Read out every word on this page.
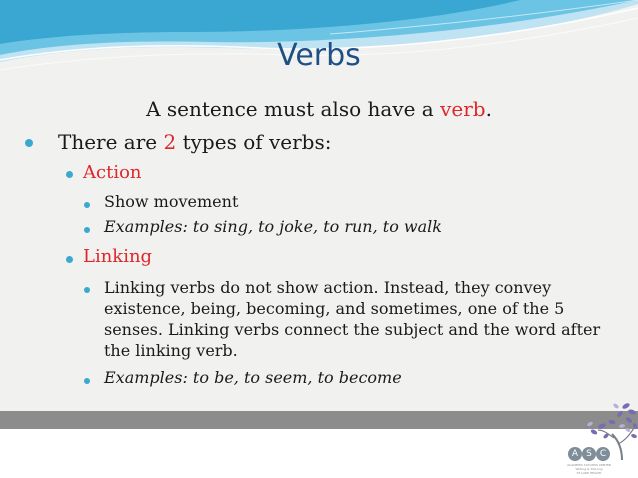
Verbs
A sentence must also have a verb.
There are 2 types of verbs:
Action
Show movement
Examples: to sing, to joke, to run, to walk
Linking
Linking verbs do not show action. Instead, they convey
existence, being, becoming, and sometimes, one of the 5
senses. Linking verbs connect the subject and the word after
the linking verb.
Examples: to be, to seem, to become
A S C
ACADEMIC SUCCESS CENTER
Writing & Tutoring
ST LUKE HEALTH
